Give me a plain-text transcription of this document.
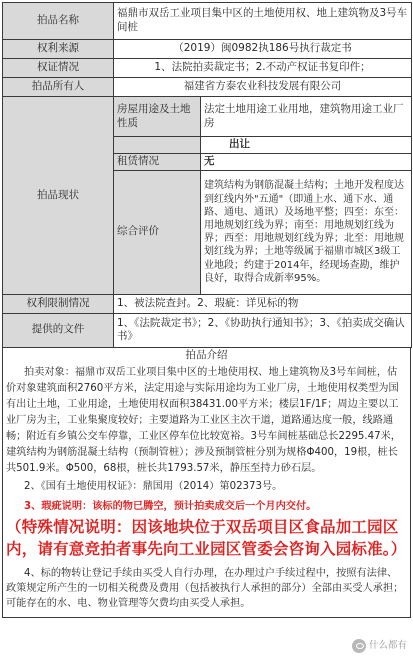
拍品名称	福鼎市双岳工业项目集中区的土地使用权、地上建筑物及3号车间桩	
权利来源	（2019）闽0982执186号执行裁定书	
权证情况	1、法院拍卖裁定书；2.不动产权证书复印件；	
拍品所有人	福建省方泰农业科技发展有限公司	
拍品现状	房屋用途及土地性质	法定土地用途工业用地，建筑物用途工业厂房
		出让
	租赁情况	无
	综合评价	建筑结构为钢筋混凝土结构；土地开发程度达到红线内外"五通"（即通上水、通下水、通路、通电、通讯）及场地平整；四至：东至：用地规划红线为界；南至：用地规划红线为界；西至：用地规划红线为界；北至：用地规划红线为界；土地等级属于福鼎市城区3级工业地段；约建于2014年，经现场查勘，维护良好，取得合成新率95%。
权利限制情况	1、被法院查封。2、瑕疵：详见标的物	
提供的文件	1、《法院裁定书》；2、《协助执行通知书》；3、《拍卖成交确认书》	
拍品介绍
拍卖对象：福鼎市双岳工业项目集中区的土地使用权、地上建筑物及3号车间桩，估价对象建筑面积2760平方米，法定用途与实际用途均为工业厂房，土地使用权类型为国有出让土地，工业用途，土地使用权面积38431.00平方米；楼层1F/1F；周边主要以工业厂房为主，工业集聚度较好；主要道路为工业区主次干道，道路通达度一般，线路通畅；附近有乡镇公交车停靠，工业区停车位比较宽裕。3号车间桩基础总长2295.47米，建筑结构为钢筋混凝土结构（预制管桩）；涉及预制管桩分别为规格Φ400，19根，桩长共501.9米。Φ500，68根，桩长共1793.57米，静压至持力砂石层。
2、《国有土地使用权证》：鼎国用（2014）第02373号。
3、瑕疵说明：该标的物已腾空，预计拍卖成交后一个月内交付。
（特殊情况说明：因该地块位于双岳项目区食品加工园区内，请有意竞拍者事先向工业园区管委会咨询入园标准。）
4、标的物转让登记手续由买受人自行办理，在办理过户手续过程中，按照有法律、政策规定所产生的一切相关税费及费用（包括被执行人承担的部分）全部由买受人承担；可能存在的水、电、物业管理等欠费均由买受人承担。
什么都有
